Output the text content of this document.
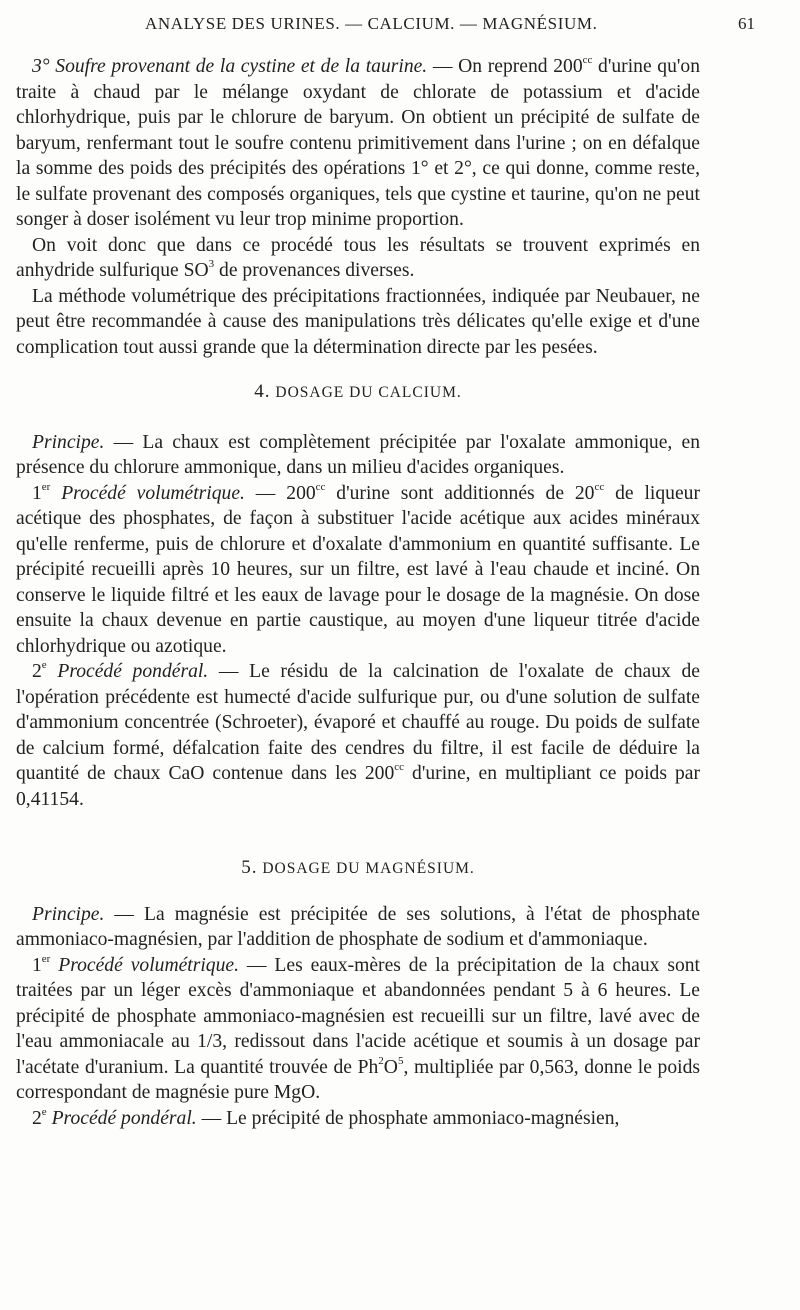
ANALYSE DES URINES. — CALCIUM. — MAGNÉSIUM.	61

3° Soufre provenant de la cystine et de la taurine. — On reprend $200^{cc}$ d'urine qu'on traite à chaud par le mélange oxydant de chlorate de potassium et d'acide chlorhydrique, puis par le chlorure de baryum. On obtient un précipité de sulfate de baryum, renfermant tout le soufre contenu primitivement dans l'urine ; on en défalque la somme des poids des précipités des opérations 1° et 2°, ce qui donne, comme reste, le sulfate provenant des composés organiques, tels que cystine et taurine, qu'on ne peut songer à doser isolément vu leur trop minime proportion.

On voit donc que dans ce procédé tous les résultats se trouvent exprimés en anhydride sulfurique $SO^3$ de provenances diverses.

La méthode volumétrique des précipitations fractionnées, indiquée par Neubauer, ne peut être recommandée à cause des manipulations très délicates qu'elle exige et d'une complication tout aussi grande que la détermination directe par les pesées.

4. DOSAGE DU CALCIUM.

Principe. — La chaux est complètement précipitée par l'oxalate ammonique, en présence du chlorure ammonique, dans un milieu d'acides organiques.

1er Procédé volumétrique. — $200^{cc}$ d'urine sont additionnés de $20^{cc}$ de liqueur acétique des phosphates, de façon à substituer l'acide acétique aux acides minéraux qu'elle renferme, puis de chlorure et d'oxalate d'ammonium en quantité suffisante. Le précipité recueilli après 10 heures, sur un filtre, est lavé à l'eau chaude et inciné. On conserve le liquide filtré et les eaux de lavage pour le dosage de la magnésie. On dose ensuite la chaux devenue en partie caustique, au moyen d'une liqueur titrée d'acide chlorhydrique ou azotique.

2e Procédé pondéral. — Le résidu de la calcination de l'oxalate de chaux de l'opération précédente est humecté d'acide sulfurique pur, ou d'une solution de sulfate d'ammonium concentrée (Schroeter), évaporé et chauffé au rouge. Du poids de sulfate de calcium formé, défalcation faite des cendres du filtre, il est facile de déduire la quantité de chaux CaO contenue dans les $200^{cc}$ d'urine, en multipliant ce poids par 0,41154.

5. DOSAGE DU MAGNÉSIUM.

Principe. — La magnésie est précipitée de ses solutions, à l'état de phosphate ammoniaco-magnésien, par l'addition de phosphate de sodium et d'ammoniaque.

1er Procédé volumétrique. — Les eaux-mères de la précipitation de la chaux sont traitées par un léger excès d'ammoniaque et abandonnées pendant 5 à 6 heures. Le précipité de phosphate ammoniaco-magnésien est recueilli sur un filtre, lavé avec de l'eau ammoniacale au 1/3, redissout dans l'acide acétique et soumis à un dosage par l'acétate d'uranium. La quantité trouvée de $Ph^2O^5$, multipliée par 0,563, donne le poids correspondant de magnésie pure MgO.

2e Procédé pondéral. — Le précipité de phosphate ammoniaco-magnésien,
